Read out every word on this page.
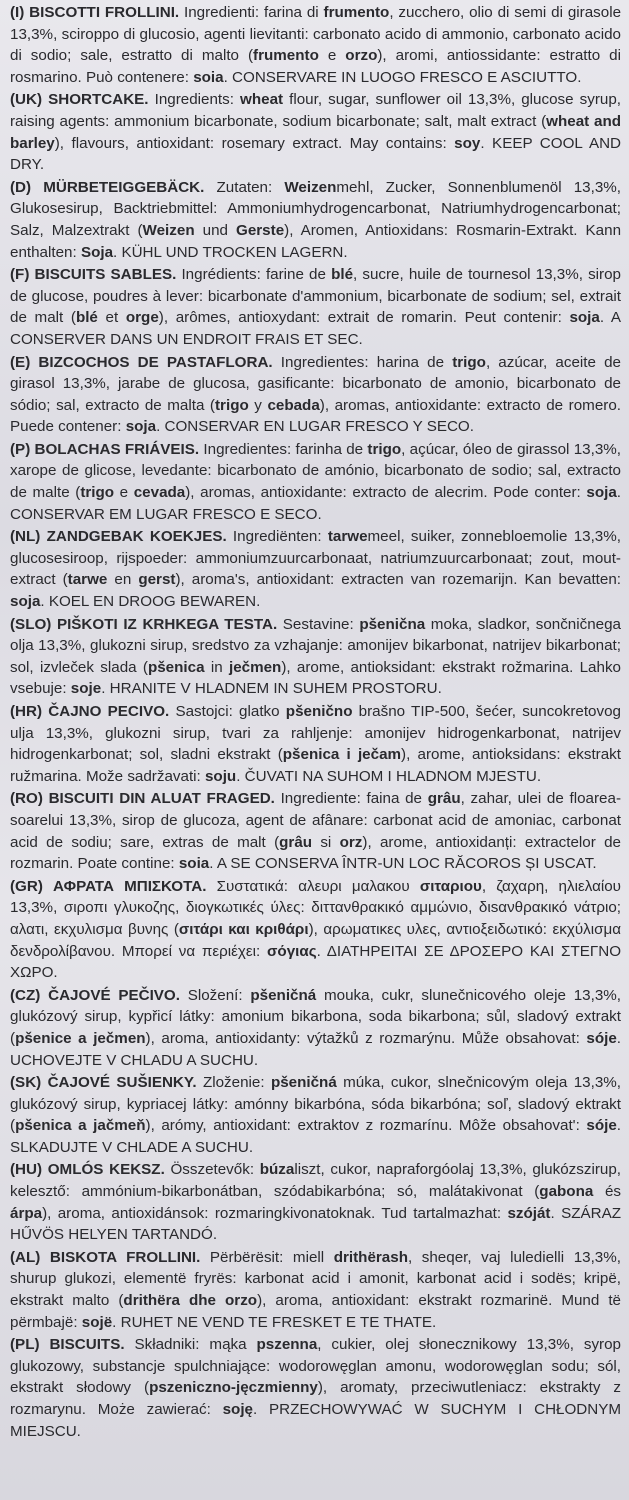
(I) BISCOTTI FROLLINI. Ingredienti: farina di frumento, zucchero, olio di semi di girasole 13,3%, sciroppo di glucosio, agenti lievitanti: carbonato acido di ammonio, carbonato acido di sodio; sale, estratto di malto (frumento e orzo), aromi, antiossidante: estratto di rosmarino. Può contenere: soia. CONSERVARE IN LUOGO FRESCO E ASCIUTTO.

(UK) SHORTCAKE. Ingredients: wheat flour, sugar, sunflower oil 13,3%, glucose syrup, raising agents: ammonium bicarbonate, sodium bicarbonate; salt, malt extract (wheat and barley), flavours, antioxidant: rosemary extract. May contains: soy. KEEP COOL AND DRY.

(D) MÜRBETEIGGEBÄCK. Zutaten: Weizenmehl, Zucker, Sonnenblumenöl 13,3%, Glukosesirup, Backtriebmittel: Ammoniumhydrogencarbonat, Natriumhydrogencarbonat; Salz, Malzextrakt (Weizen und Gerste), Aromen, Antioxidans: Rosmarin-Extrakt. Kann enthalten: Soja. KÜHL UND TROCKEN LAGERN.

(F) BISCUITS SABLES. Ingrédients: farine de blé, sucre, huile de tournesol 13,3%, sirop de glucose, poudres à lever: bicarbonate d'ammonium, bicarbonate de sodium; sel, extrait de malt (blé et orge), arômes, antioxydant: extrait de romarin. Peut contenir: soja. A CONSERVER DANS UN ENDROIT FRAIS ET SEC.

(E) BIZCOCHOS DE PASTAFLORA. Ingredientes: harina de trigo, azúcar, aceite de girasol 13,3%, jarabe de glucosa, gasificante: bicarbonato de amonio, bicarbonato de sódio; sal, extracto de malta (trigo y cebada), aromas, antioxidante: extracto de romero. Puede contener: soja. CONSERVAR EN LUGAR FRESCO Y SECO.

(P) BOLACHAS FRIÁVEIS. Ingredientes: farinha de trigo, açúcar, óleo de girassol 13,3%, xarope de glicose, levedante: bicarbonato de amónio, bicarbonato de sodio; sal, extracto de malte (trigo e cevada), aromas, antioxidante: extracto de alecrim. Pode conter: soja. CONSERVAR EM LUGAR FRESCO E SECO.

(NL) ZANDGEBAK KOEKJES. Ingrediënten: tarwemeel, suiker, zonnebloemolie 13,3%, glucosesiroop, rijspoeder: ammoniumzuurcarbonaat, natriumzuurcarbonaat; zout, mout-extract (tarwe en gerst), aroma's, antioxidant: extracten van rozemarijn. Kan bevatten: soja. KOEL EN DROOG BEWAREN.

(SLO) PIŠKOTI IZ KRHKEGA TESTA. Sestavine: pšenična moka, sladkor, sončničnega olja 13,3%, glukozni sirup, sredstvo za vzhajanje: amonijev bikarbonat, natrijev bikarbonat; sol, izvleček slada (pšenica in ječmen), arome, antioksidant: ekstrakt rožmarina. Lahko vsebuje: soje. HRANITE V HLADNEM IN SUHEM PROSTORU.

(HR) ČAJNO PECIVO. Sastojci: glatko pšenično brašno TIP-500, šećer, suncokretovog ulja 13,3%, glukozni sirup, tvari za rahljenje: amonijev hidrogenkarbonat, natrijev hidrogenkarbonat; sol, sladni ekstrakt (pšenica i ječam), arome, antioksidans: ekstrakt ružmarina. Može sadržavati: soju. ČUVATI NA SUHOM I HLADNOM MJESTU.

(RO) BISCUITI DIN ALUAT FRAGED. Ingrediente: faina de grâu, zahar, ulei de floarea-soarelui 13,3%, sirop de glucoza, agent de afânare: carbonat acid de amoniac, carbonat acid de sodiu; sare, extras de malt (grâu si orz), arome, antioxidanți: extractelor de rozmarin. Poate contine: soia. A SE CONSERVA ÎNTR-UN LOC RĂCOROS ȘI USCAT.

(GR) ΑΦΡΑΤΑ ΜΠΙΣΚΟΤΑ. Συστατικά: αλευρι μαλακου σιταριου, ζαχαρη, ηλιελαίου 13,3%, σιροπι γλυκοζης, διογκωτικές ύλες: διττανθρακικό αμμώνιο, διsανθρακικό νάτριο; αλατι, εκχυλισμα βυνης (σιτάρι και κριθάρι), αρωματικες υλες, αντιοξειδωτικό: εκχύλισμα δενδρολίβανου. Μπορεί να περιέχει: σόγιας. ΔΙΑΤΗΡΕΙΤΑΙ ΣΕ ΔΡΟΣΕΡΟ ΚΑΙ ΣΤΕΓΝΟ ΧΩΡΟ.

(CZ) ČAJOVÉ PEČIVO. Složení: pšeničná mouka, cukr, slunečnicového oleje 13,3%, glukózový sirup, kypřicí látky: amonium bikarbona, soda bikarbona; sůl, sladový extrakt (pšenice a ječmen), aroma, antioxidanty: výtažků z rozmarýnu. Může obsahovat: sóje. UCHOVEJTE V CHLADU A SUCHU.

(SK) ČAJOVÉ SUŠIENKY. Zloženie: pšeničná múka, cukor, slnečnicovým oleja 13,3%, glukózový sirup, kypriacej látky: amónny bikarbóna, sóda bikarbóna; soľ, sladový ektrakt (pšenica a jačmeň), arómy, antioxidant: extraktov z rozmarínu. Môže obsahovat': sóje. SLKADUJTE V CHLADE A SUCHU.

(HU) OMLÓS KEKSZ. Összetevők: búzaliszt, cukor, napraforgóolaj 13,3%, glukózszirup, kelesztő: ammónium-bikarbonátban, szódabikarbóna; só, malátakivonat (gabona és árpa), aroma, antioxidánsok: rozmaringkivonatoknak. Tud tartalmazhat: szóját. SZÁRAZ HŰVÖS HELYEN TARTANDÓ.

(AL) BISKOTA FROLLINI. Përbërësit: miell drithërash, sheqer, vaj luledielli 13,3%, shurup glukozi, elementë fryrës: karbonat acid i amonit, karbonat acid i sodës; kripë, ekstrakt malto (drithëra dhe orzo), aroma, antioxidant: ekstrakt rozmarinë. Mund të përmbajë: sojë. RUHET NE VEND TE FRESKET E TE THATE.

(PL) BISCUITS. Składniki: mąka pszenna, cukier, olej słonecznikowy 13,3%, syrop glukozowy, substancje spulchniające: wodorowęglan amonu, wodorowęglan sodu; sól, ekstrakt słodowy (pszeniczno-jęczmienny), aromaty, przeciwutleniacz: ekstrakty z rozmarynu. Może zawierać: soję. PRZECHOWYWAĆ W SUCHYM I CHŁODNYM MIEJSCU.
